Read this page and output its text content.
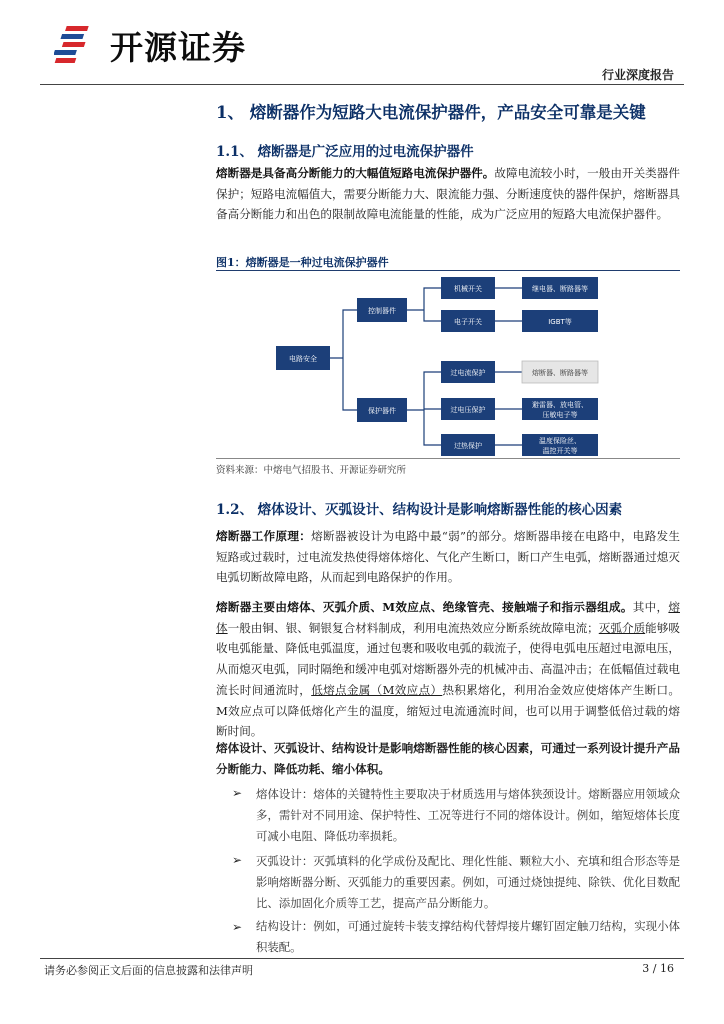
开源证券
行业深度报告
1、 熔断器作为短路大电流保护器件，产品安全可靠是关键
1.1、 熔断器是广泛应用的过电流保护器件

熔断器是具备高分断能力的大幅值短路电流保护器件。故障电流较小时，一般由开关类器件保护；短路电流幅值大，需要分断能力大、限流能力强、分断速度快的器件保护，熔断器具备高分断能力和出色的限制故障电流能量的性能，成为广泛应用的短路大电流保护器件。

图1：熔断器是一种过电流保护器件
电路安全
控制器件
保护器件
机械开关
电子开关
继电器、断路器等
IGBT等
过电流保护
过电压保护
过热保护
熔断器、断路器等
避雷器、放电管、
压敏电子等
温度保险丝、
温控开关等
资料来源：中熔电气招股书、开源证券研究所
1.2、 熔体设计、灭弧设计、结构设计是影响熔断器性能的核心因素

熔断器工作原理：熔断器被设计为电路中最“弱”的部分。熔断器串接在电路中，电路发生短路或过载时，过电流发热使得熔体熔化、气化产生断口，断口产生电弧，熔断器通过熄灭电弧切断故障电路，从而起到电路保护的作用。

熔断器主要由熔体、灭弧介质、M效应点、绝缘管壳、接触端子和指示器组成。其中，熔体一般由铜、银、铜银复合材料制成，利用电流热效应分断系统故障电流；灭弧介质能够吸收电弧能量、降低电弧温度，通过包裹和吸收电弧的载流子，使得电弧电压超过电源电压，从而熄灭电弧，同时隔绝和缓冲电弧对熔断器外壳的机械冲击、高温冲击；在低幅值过载电流长时间通流时，低熔点金属（M效应点）热积累熔化，利用冶金效应使熔体产生断口。M效应点可以降低熔化产生的温度，缩短过电流通流时间，也可以用于调整低倍过载的熔断时间。

熔体设计、灭弧设计、结构设计是影响熔断器性能的核心因素，可通过一系列设计提升产品分断能力、降低功耗、缩小体积。

➢ 熔体设计：熔体的关键特性主要取决于材质选用与熔体狭颈设计。熔断器应用领域众多，需针对不同用途、保护特性、工况等进行不同的熔体设计。例如，缩短熔体长度可减小电阻、降低功率损耗。

➢ 灭弧设计：灭弧填料的化学成份及配比、理化性能、颗粒大小、充填和组合形态等是影响熔断器分断、灭弧能力的重要因素。例如，可通过烧蚀提纯、除铁、优化目数配比、添加固化介质等工艺，提高产品分断能力。

➢ 结构设计：例如，可通过旋转卡装支撑结构代替焊接片螺钉固定触刀结构，实现小体积装配。

请务必参阅正文后面的信息披露和法律声明	3 / 16
